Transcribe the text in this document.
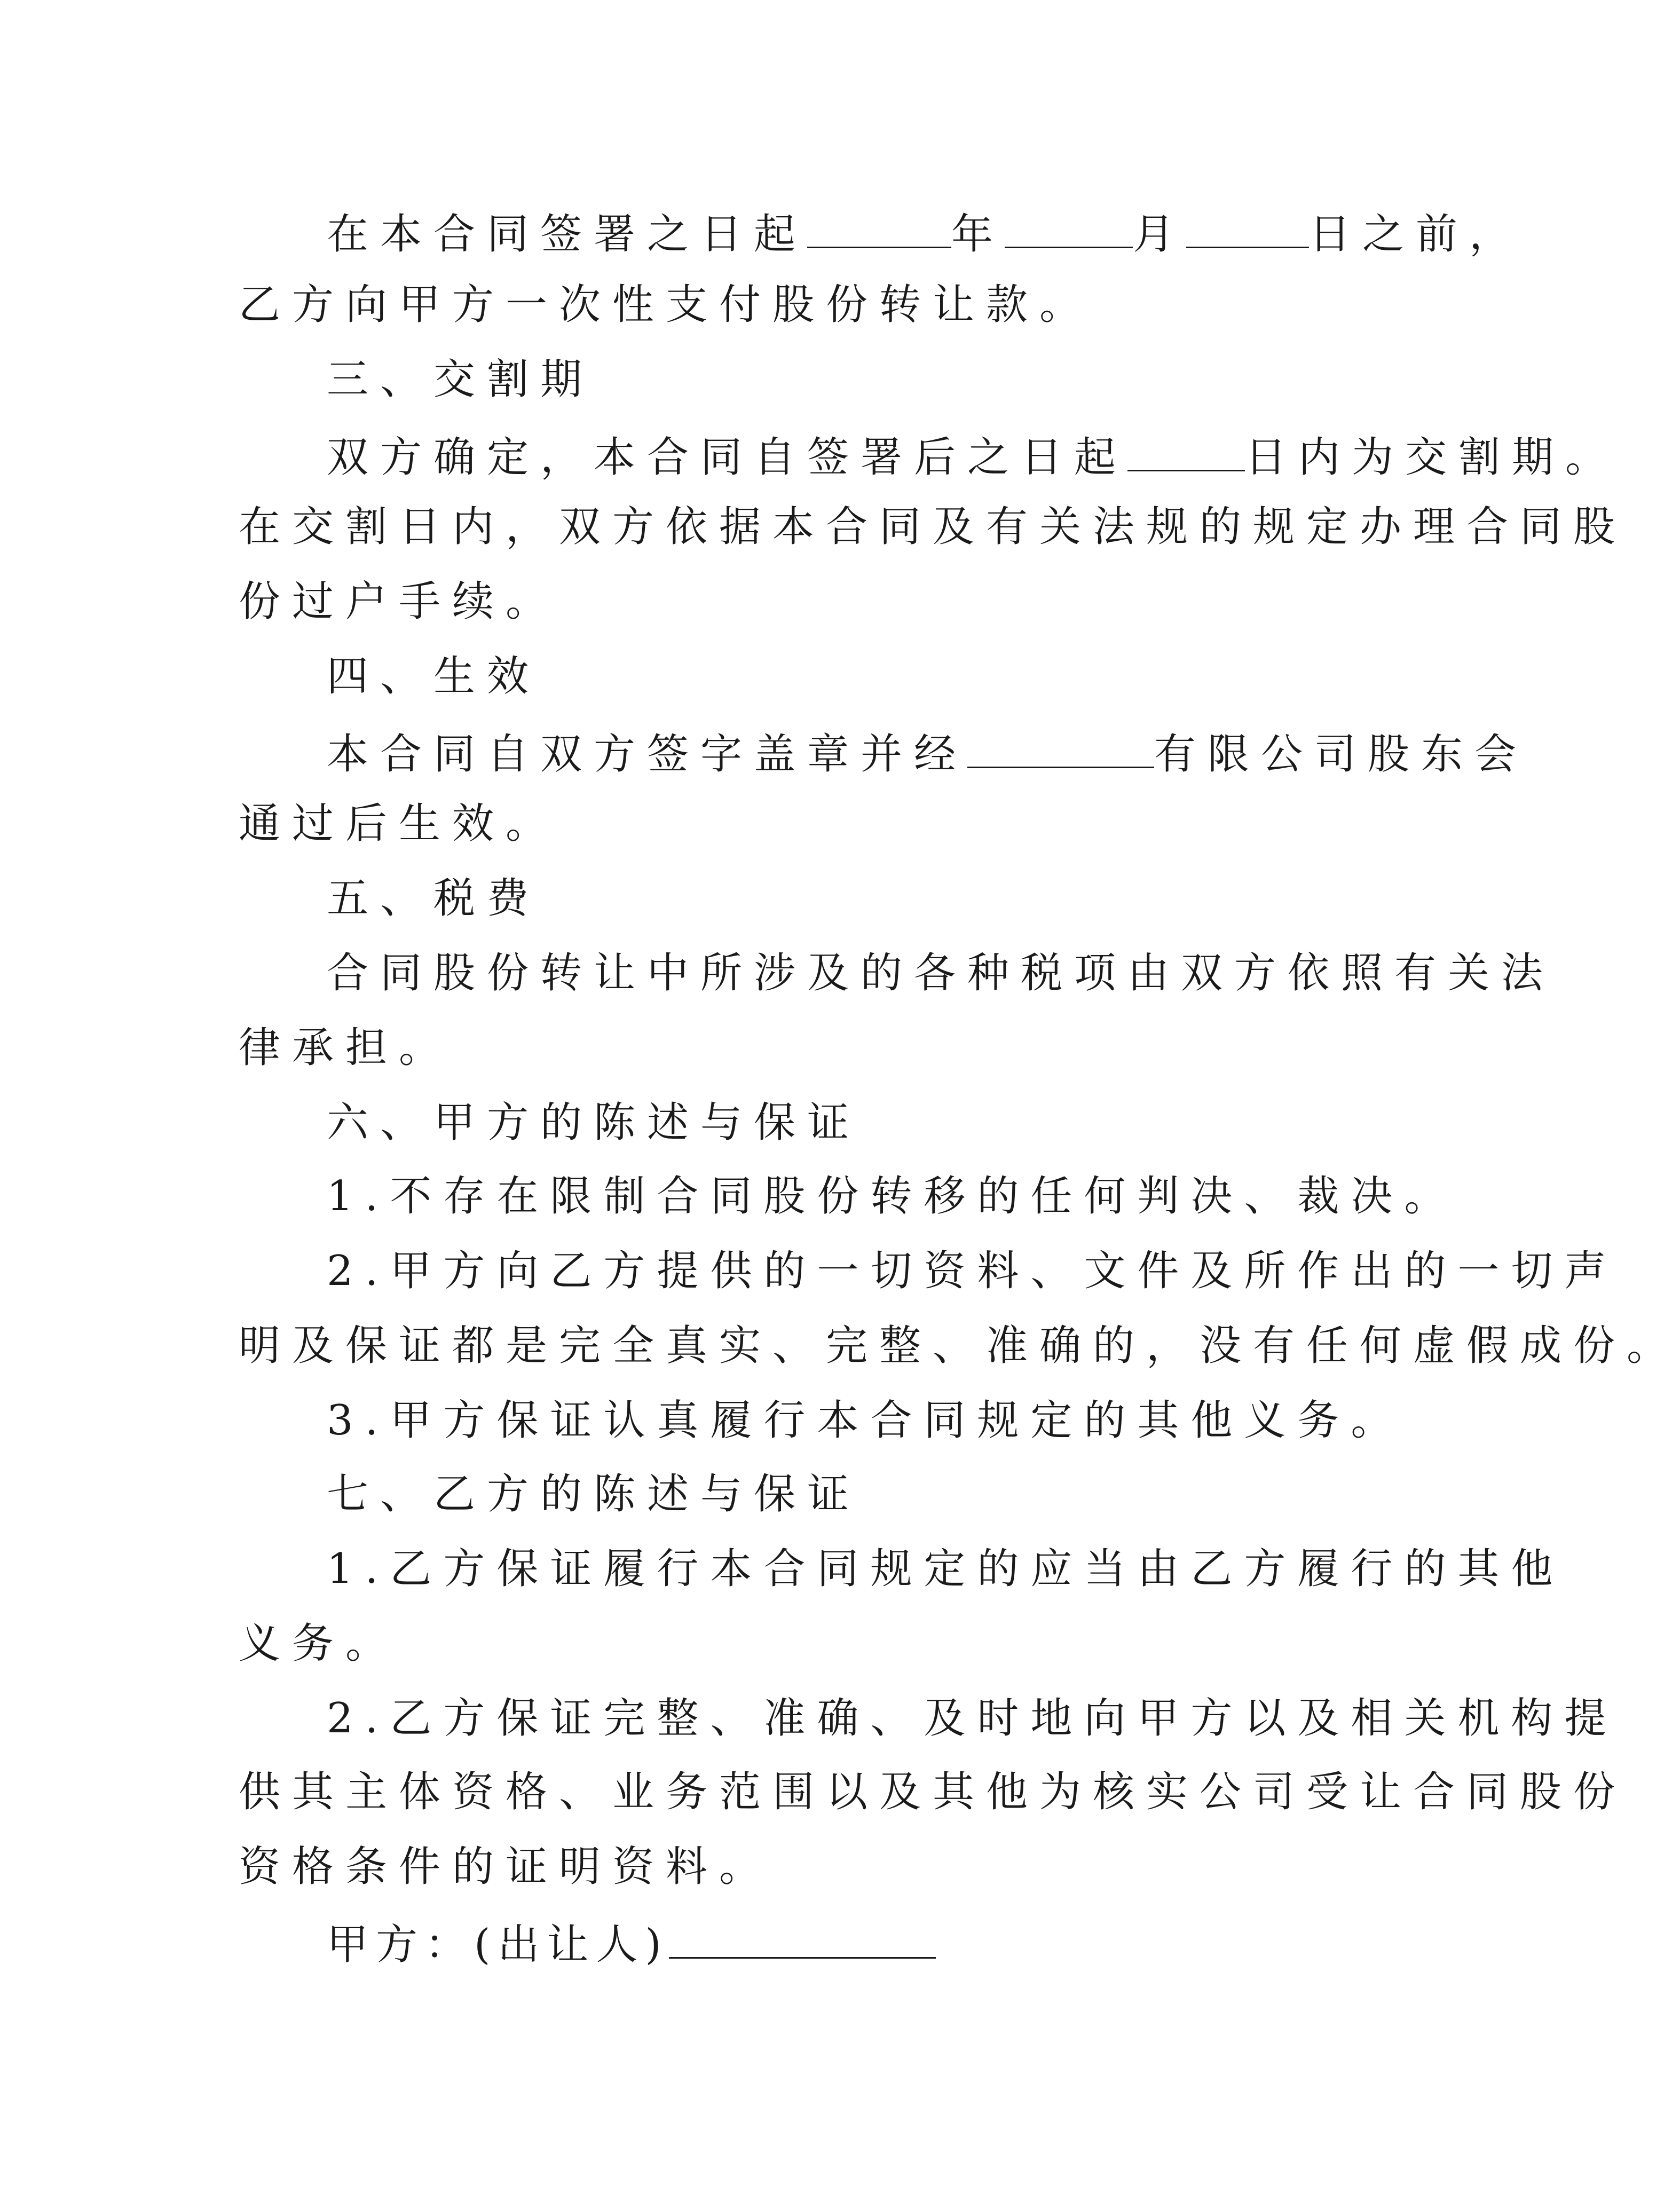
在本合同签署之日起	年	月	日之前，
乙方向甲方一次性支付股份转让款。
三、交割期
双方确定，本合同自签署后之日起	日内为交割期。
在交割日内，双方依据本合同及有关法规的规定办理合同股
份过户手续。
四、生效
本合同自双方签字盖章并经	有限公司股东会
通过后生效。
五、税费
合同股份转让中所涉及的各种税项由双方依照有关法
律承担。
六、甲方的陈述与保证
1.不存在限制合同股份转移的任何判决、裁决。
2.甲方向乙方提供的一切资料、文件及所作出的一切声
明及保证都是完全真实、完整、准确的，没有任何虚假成份。
3.甲方保证认真履行本合同规定的其他义务。
七、乙方的陈述与保证
1.乙方保证履行本合同规定的应当由乙方履行的其他
义务。
2.乙方保证完整、准确、及时地向甲方以及相关机构提
供其主体资格、业务范围以及其他为核实公司受让合同股份
资格条件的证明资料。
甲方：(出让人)
